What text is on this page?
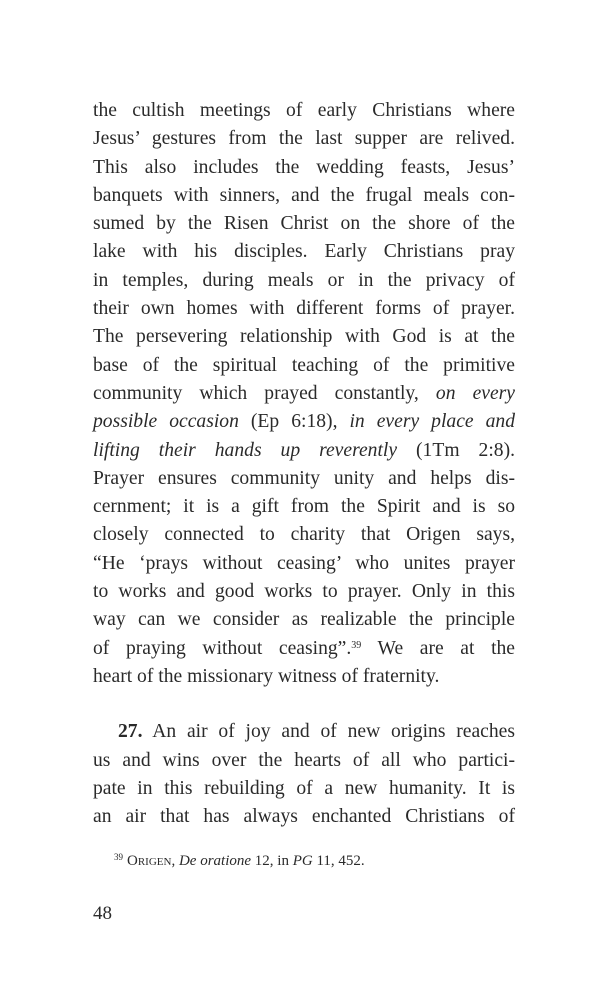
the cultish meetings of early Christians where
Jesus’ gestures from the last supper are relived.
This also includes the wedding feasts, Jesus’
banquets with sinners, and the frugal meals con-
sumed by the Risen Christ on the shore of the
lake with his disciples. Early Christians pray
in temples, during meals or in the privacy of
their own homes with different forms of prayer.
The persevering relationship with God is at the
base of the spiritual teaching of the primitive
community which prayed constantly, on every
possible occasion (Ep 6:18), in every place and
lifting their hands up reverently (1Tm 2:8).
Prayer ensures community unity and helps dis-
cernment; it is a gift from the Spirit and is so
closely connected to charity that Origen says,
“He ‘prays without ceasing’ who unites prayer
to works and good works to prayer. Only in this
way can we consider as realizable the principle
of praying without ceasing”.$^{39}$ We are at the
heart of the missionary witness of fraternity.
27. An air of joy and of new origins reaches
us and wins over the hearts of all who partici-
pate in this rebuilding of a new humanity. It is
an air that has always enchanted Christians of
$^{39}$ Origen, De oratione 12, in PG 11, 452.
48
